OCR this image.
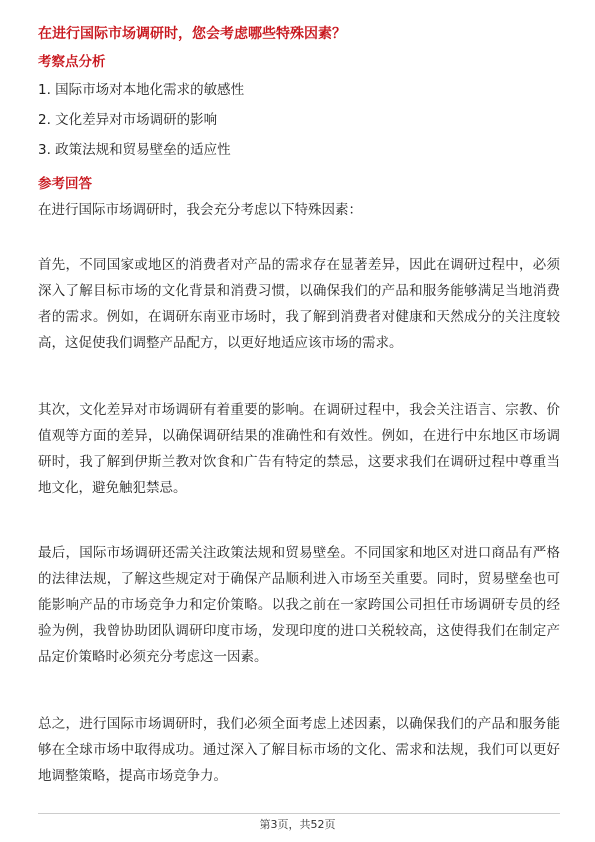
在进行国际市场调研时，您会考虑哪些特殊因素？
考察点分析
1. 国际市场对本地化需求的敏感性
2. 文化差异对市场调研的影响
3. 政策法规和贸易壁垒的适应性
参考回答
在进行国际市场调研时，我会充分考虑以下特殊因素：
首先，不同国家或地区的消费者对产品的需求存在显著差异，因此在调研过程中，必须深入了解目标市场的文化背景和消费习惯，以确保我们的产品和服务能够满足当地消费者的需求。例如，在调研东南亚市场时，我了解到消费者对健康和天然成分的关注度较高，这促使我们调整产品配方，以更好地适应该市场的需求。
其次，文化差异对市场调研有着重要的影响。在调研过程中，我会关注语言、宗教、价值观等方面的差异，以确保调研结果的准确性和有效性。例如，在进行中东地区市场调研时，我了解到伊斯兰教对饮食和广告有特定的禁忌，这要求我们在调研过程中尊重当地文化，避免触犯禁忌。
最后，国际市场调研还需关注政策法规和贸易壁垒。不同国家和地区对进口商品有严格的法律法规，了解这些规定对于确保产品顺利进入市场至关重要。同时，贸易壁垒也可能影响产品的市场竞争力和定价策略。以我之前在一家跨国公司担任市场调研专员的经验为例，我曾协助团队调研印度市场，发现印度的进口关税较高，这使得我们在制定产品定价策略时必须充分考虑这一因素。
总之，进行国际市场调研时，我们必须全面考虑上述因素，以确保我们的产品和服务能够在全球市场中取得成功。通过深入了解目标市场的文化、需求和法规，我们可以更好地调整策略，提高市场竞争力。
第3页，共52页
